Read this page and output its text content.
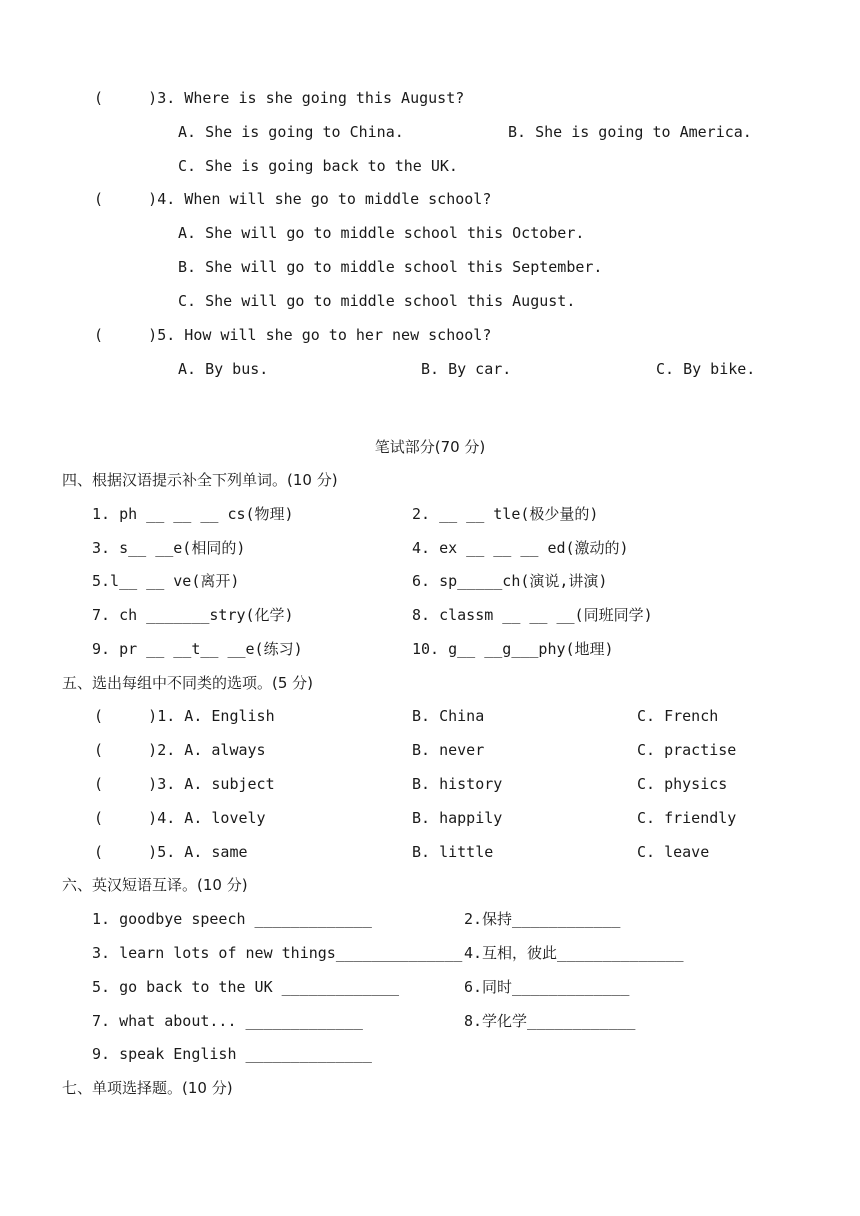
(     )3. Where is she going this August?
A. She is going to China.	B. She is going to America.
C. She is going back to the UK.
(     )4. When will she go to middle school?
A. She will go to middle school this October.
B. She will go to middle school this September.
C. She will go to middle school this August.
(     )5. How will she go to her new school?
A. By bus.	B. By car.	C. By bike.
笔试部分(70 分)
四、根据汉语提示补全下列单词。(10 分)
1. ph __ __ __ cs(物理)	2. __ __ tle(极少量的)
3. s__ __e(相同的)	4. ex __ __ __ ed(激动的)
5.l__ __ ve(离开)	6. sp_____ch(演说,讲演)
7. ch _______stry(化学)	8. classm __ __ __(同班同学)
9. pr __ __t__ __e(练习)	10. g__ __g___phy(地理)
五、选出每组中不同类的选项。(5 分)
(     )1. A. English	B. China	C. French
(     )2. A. always	B. never	C. practise
(     )3. A. subject	B. history	C. physics
(     )4. A. lovely	B. happily	C. friendly
(     )5. A. same	B. little	C. leave
六、英汉短语互译。(10 分)
1. goodbye speech _____________	2.保持____________
3. learn lots of new things______________ 4.互相，彼此______________
5. go back to the UK _____________	6.同时_____________
7. what about... _____________	8.学化学____________
9. speak English ______________
七、单项选择题。(10 分)
